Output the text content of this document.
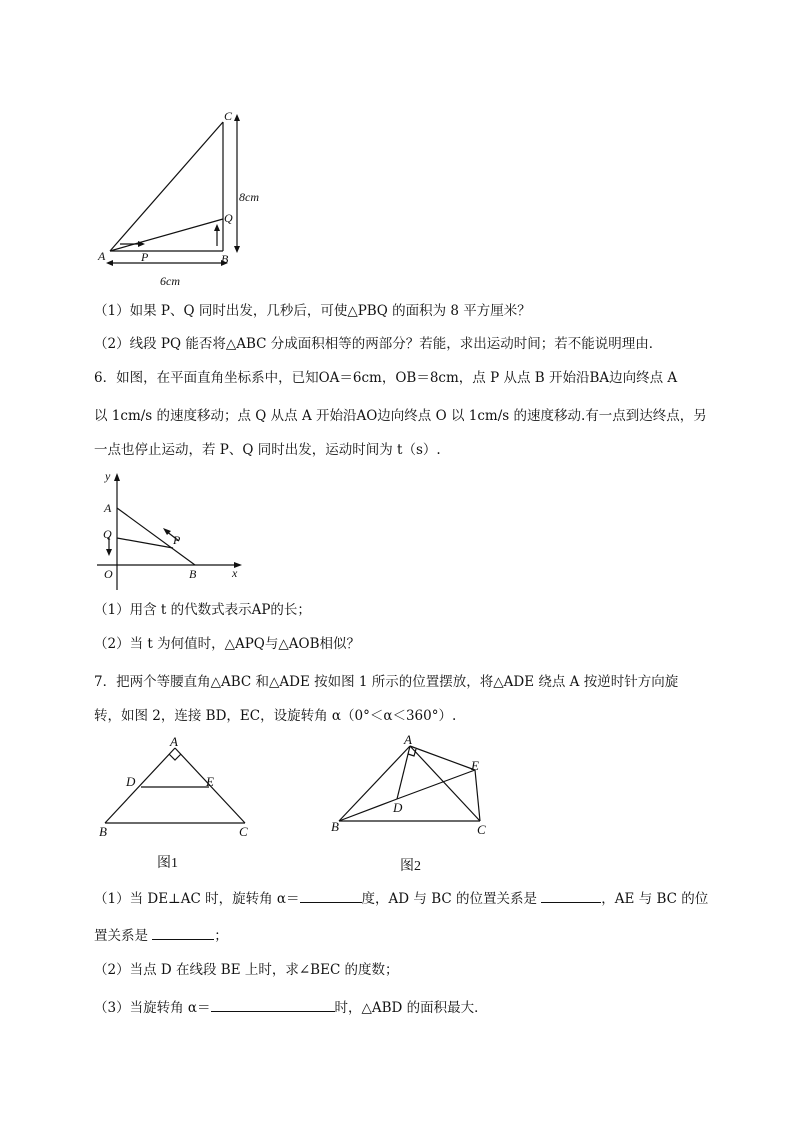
C
Q
A	P	B
8cm
6cm
（1）如果 P、Q 同时出发，几秒后，可使△PBQ 的面积为 8 平方厘米？
（2）线段 PQ 能否将△ABC 分成面积相等的两部分？若能，求出运动时间；若不能说明理由．
6．如图，在平面直角坐标系中，已知OA＝6cm，OB＝8cm，点 P 从点 B 开始沿BA边向终点 A
以 1cm/s 的速度移动；点 Q 从点 A 开始沿AO边向终点 O 以 1cm/s 的速度移动.有一点到达终点，另
一点也停止运动，若 P、Q 同时出发，运动时间为 t（s）.
y
x
A
Q
O
P
B
（1）用含 t 的代数式表示AP的长；
（2）当 t 为何值时，△APQ与△AOB相似？
7．把两个等腰直角△ABC 和△ADE 按如图 1 所示的位置摆放，将△ADE 绕点 A 按逆时针方向旋
转，如图 2，连接 BD，EC，设旋转角 α（0°＜α＜360°）.
A
D	E
B	C
图1
A
E
D
B	C
图2
（1）当 DE⊥AC 时，旋转角 α＝	度，AD 与 BC 的位置关系是	，AE 与 BC 的位
置关系是	；
（2）当点 D 在线段 BE 上时，求∠BEC 的度数；
（3）当旋转角 α＝	时，△ABD 的面积最大．
